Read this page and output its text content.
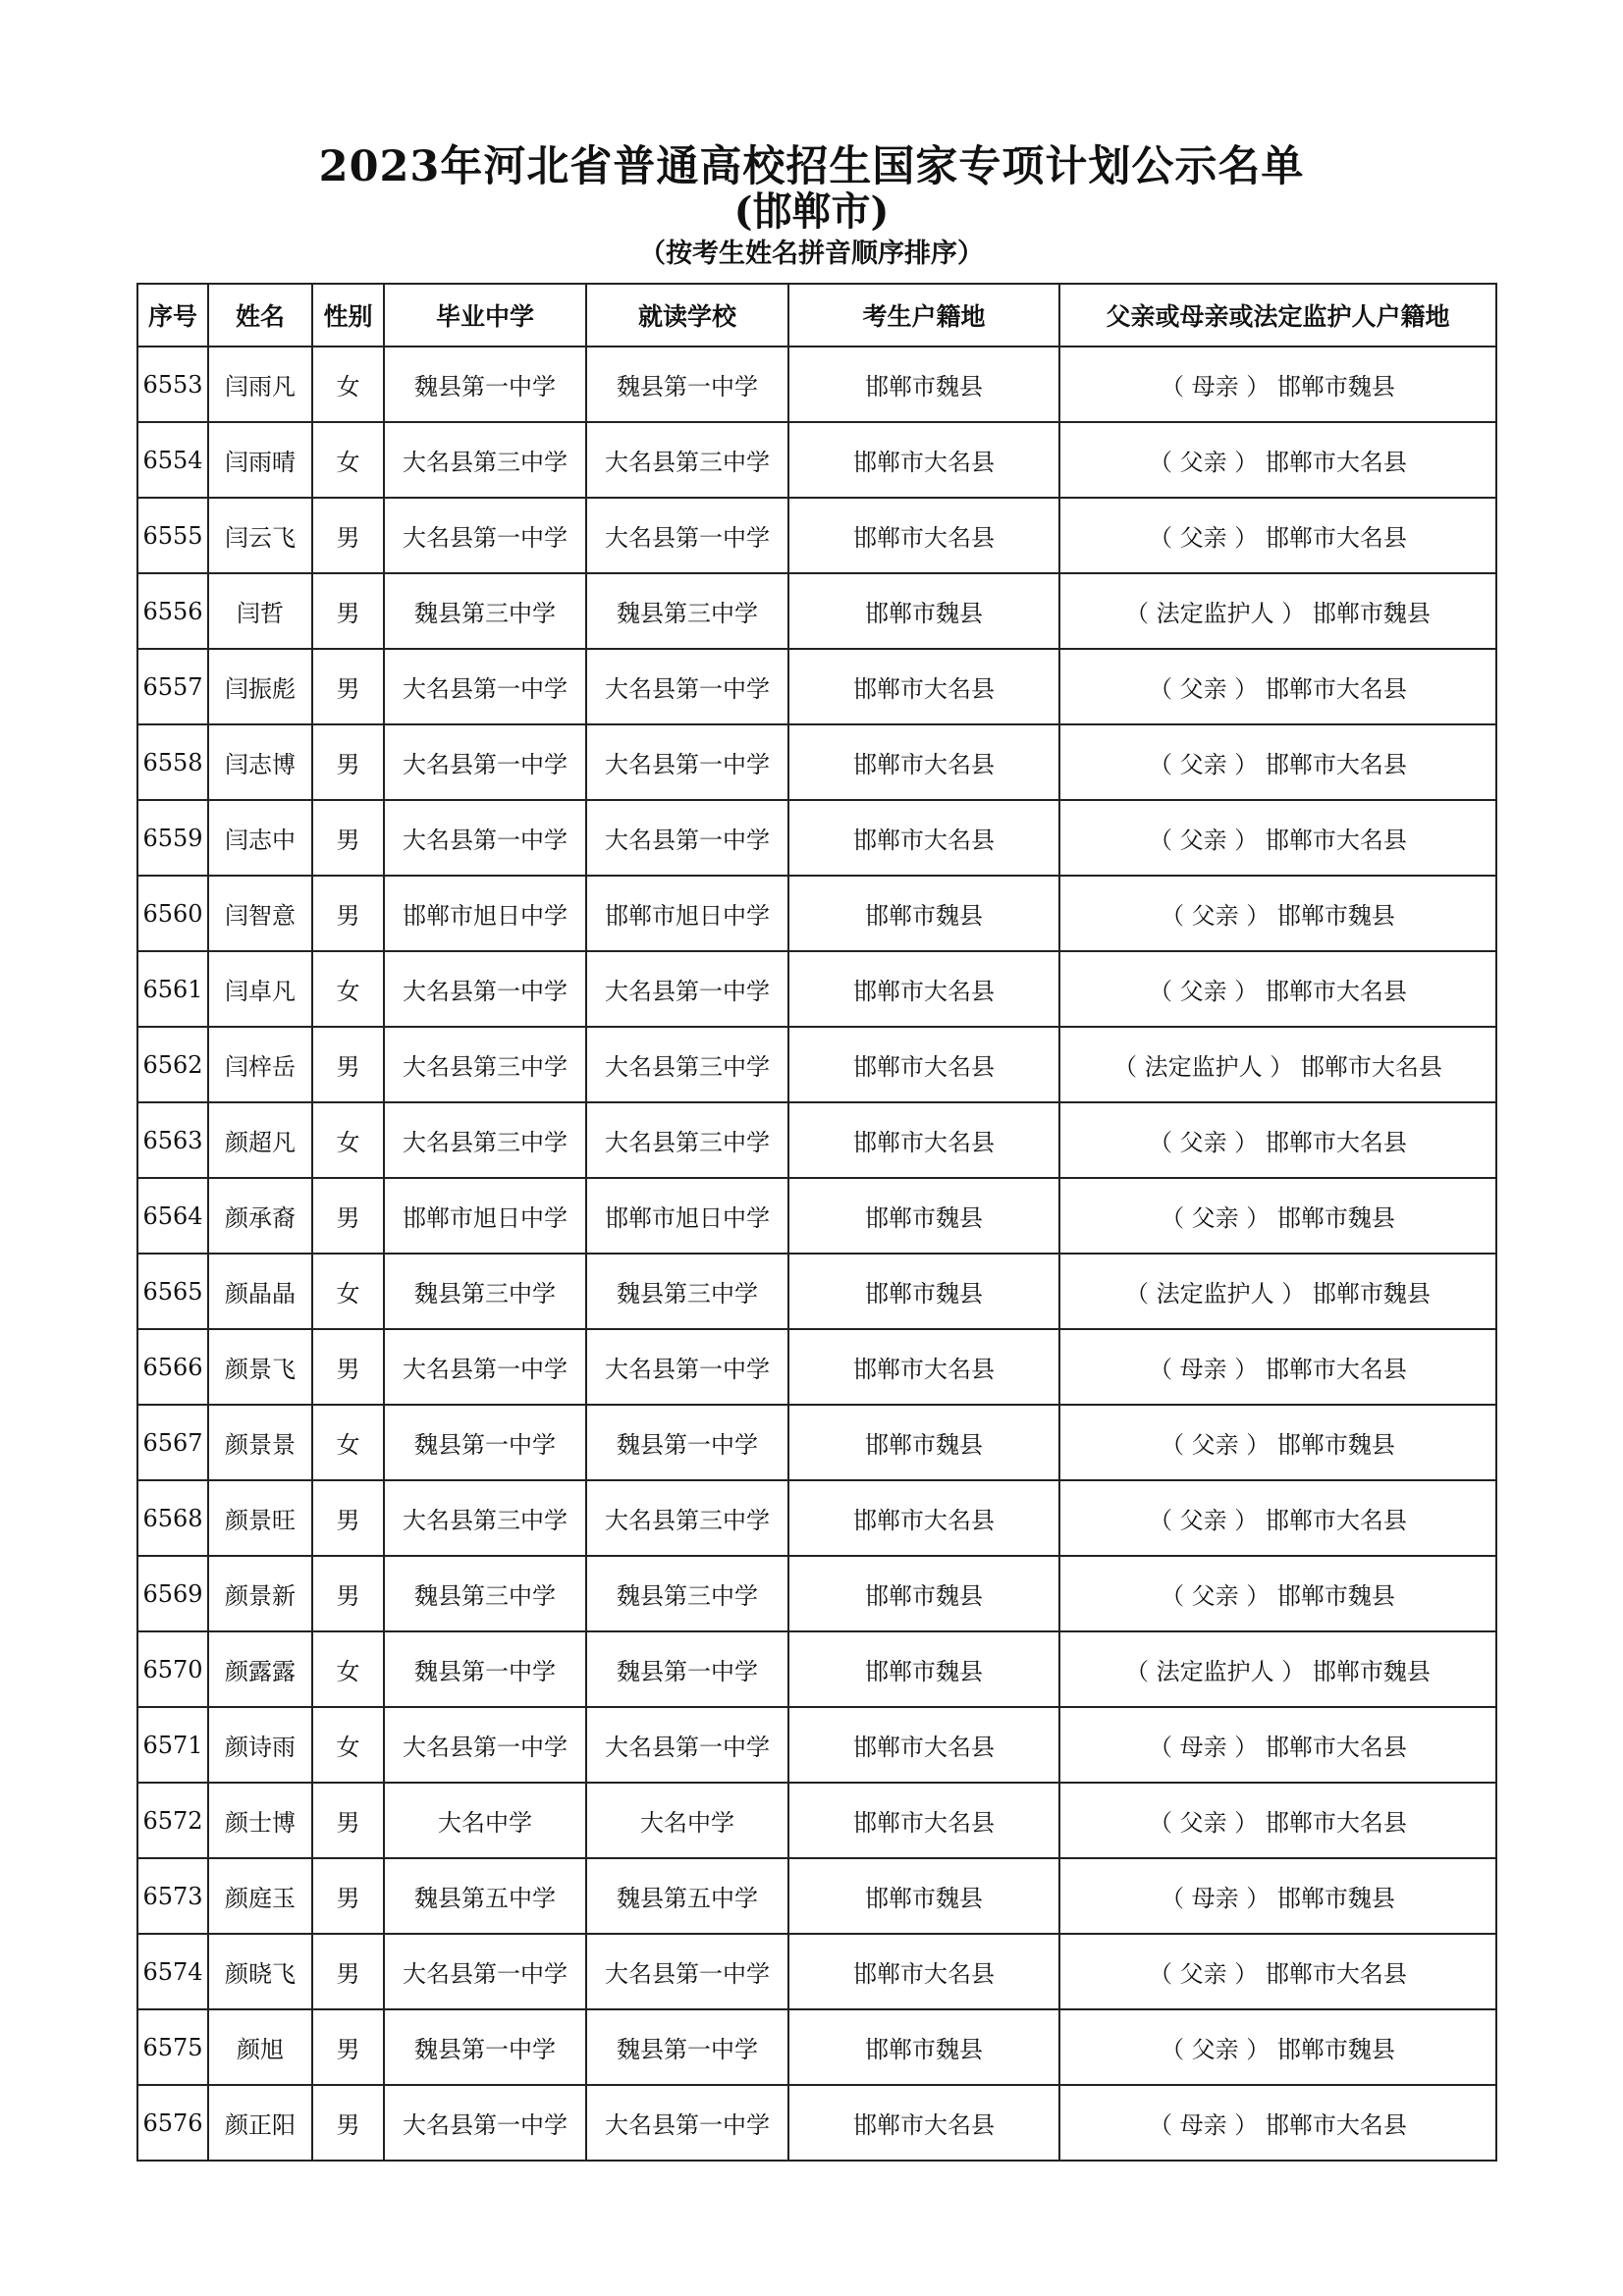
2023年河北省普通高校招生国家专项计划公示名单
(邯郸市)
（按考生姓名拼音顺序排序）
序号	姓名	性别	毕业中学	就读学校	考生户籍地	父亲或母亲或法定监护人户籍地
6553	闫雨凡	女	魏县第一中学	魏县第一中学	邯郸市魏县	（ 母亲 ） 邯郸市魏县
6554	闫雨晴	女	大名县第三中学	大名县第三中学	邯郸市大名县	（ 父亲 ） 邯郸市大名县
6555	闫云飞	男	大名县第一中学	大名县第一中学	邯郸市大名县	（ 父亲 ） 邯郸市大名县
6556	闫哲	男	魏县第三中学	魏县第三中学	邯郸市魏县	（ 法定监护人 ） 邯郸市魏县
6557	闫振彪	男	大名县第一中学	大名县第一中学	邯郸市大名县	（ 父亲 ） 邯郸市大名县
6558	闫志博	男	大名县第一中学	大名县第一中学	邯郸市大名县	（ 父亲 ） 邯郸市大名县
6559	闫志中	男	大名县第一中学	大名县第一中学	邯郸市大名县	（ 父亲 ） 邯郸市大名县
6560	闫智意	男	邯郸市旭日中学	邯郸市旭日中学	邯郸市魏县	（ 父亲 ） 邯郸市魏县
6561	闫卓凡	女	大名县第一中学	大名县第一中学	邯郸市大名县	（ 父亲 ） 邯郸市大名县
6562	闫梓岳	男	大名县第三中学	大名县第三中学	邯郸市大名县	（ 法定监护人 ） 邯郸市大名县
6563	颜超凡	女	大名县第三中学	大名县第三中学	邯郸市大名县	（ 父亲 ） 邯郸市大名县
6564	颜承裔	男	邯郸市旭日中学	邯郸市旭日中学	邯郸市魏县	（ 父亲 ） 邯郸市魏县
6565	颜晶晶	女	魏县第三中学	魏县第三中学	邯郸市魏县	（ 法定监护人 ） 邯郸市魏县
6566	颜景飞	男	大名县第一中学	大名县第一中学	邯郸市大名县	（ 母亲 ） 邯郸市大名县
6567	颜景景	女	魏县第一中学	魏县第一中学	邯郸市魏县	（ 父亲 ） 邯郸市魏县
6568	颜景旺	男	大名县第三中学	大名县第三中学	邯郸市大名县	（ 父亲 ） 邯郸市大名县
6569	颜景新	男	魏县第三中学	魏县第三中学	邯郸市魏县	（ 父亲 ） 邯郸市魏县
6570	颜露露	女	魏县第一中学	魏县第一中学	邯郸市魏县	（ 法定监护人 ） 邯郸市魏县
6571	颜诗雨	女	大名县第一中学	大名县第一中学	邯郸市大名县	（ 母亲 ） 邯郸市大名县
6572	颜士博	男	大名中学	大名中学	邯郸市大名县	（ 父亲 ） 邯郸市大名县
6573	颜庭玉	男	魏县第五中学	魏县第五中学	邯郸市魏县	（ 母亲 ） 邯郸市魏县
6574	颜晓飞	男	大名县第一中学	大名县第一中学	邯郸市大名县	（ 父亲 ） 邯郸市大名县
6575	颜旭	男	魏县第一中学	魏县第一中学	邯郸市魏县	（ 父亲 ） 邯郸市魏县
6576	颜正阳	男	大名县第一中学	大名县第一中学	邯郸市大名县	（ 母亲 ） 邯郸市大名县
